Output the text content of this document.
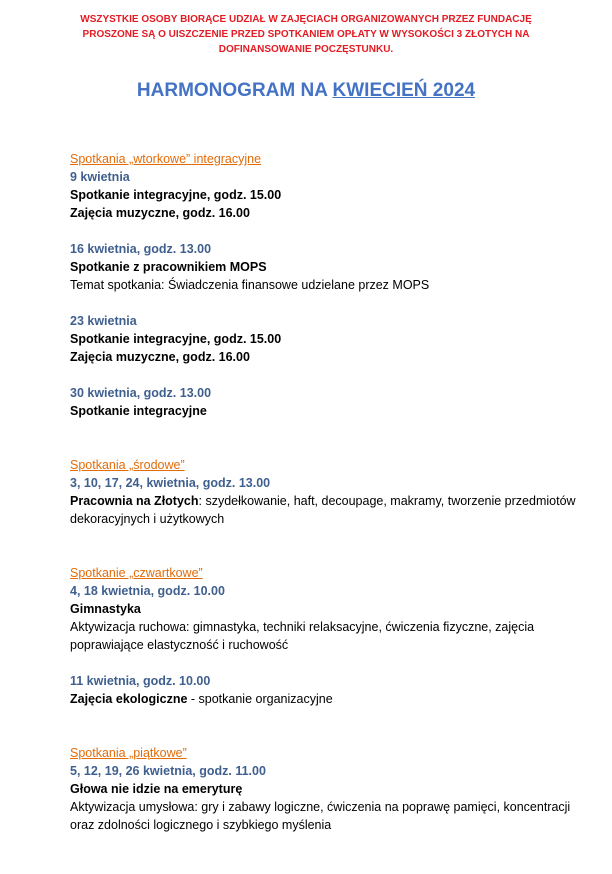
WSZYSTKIE OSOBY BIORĄCE UDZIAŁ W ZAJĘCIACH ORGANIZOWANYCH PRZEZ FUNDACJĘ
PROSZONE SĄ O UISZCZENIE PRZED SPOTKANIEM OPŁATY W WYSOKOŚCI 3 ZŁOTYCH NA
DOFINANSOWANIE POCZĘSTUNKU.
HARMONOGRAM NA KWIECIEŃ 2024
Spotkania „wtorkowe” integracyjne
9 kwietnia
Spotkanie integracyjne, godz. 15.00
Zajęcia muzyczne, godz. 16.00
16 kwietnia, godz. 13.00
Spotkanie z pracownikiem MOPS
Temat spotkania: Świadczenia finansowe udzielane przez MOPS
23 kwietnia
Spotkanie integracyjne, godz. 15.00
Zajęcia muzyczne, godz. 16.00
30 kwietnia, godz. 13.00
Spotkanie integracyjne
Spotkania „środowe”
3, 10, 17, 24, kwietnia, godz. 13.00
Pracownia na Złotych: szydełkowanie, haft, decoupage, makramy, tworzenie przedmiotów dekoracyjnych i użytkowych
Spotkanie „czwartkowe”
4, 18 kwietnia, godz. 10.00
Gimnastyka
Aktywizacja ruchowa: gimnastyka, techniki relaksacyjne, ćwiczenia fizyczne, zajęcia poprawiające elastyczność i ruchowość
11 kwietnia, godz. 10.00
Zajęcia ekologiczne - spotkanie organizacyjne
Spotkania „piątkowe”
5, 12, 19, 26 kwietnia, godz. 11.00
Głowa nie idzie na emeryturę
Aktywizacja umysłowa: gry i zabawy logiczne, ćwiczenia na poprawę pamięci, koncentracji oraz zdolności logicznego i szybkiego myślenia
